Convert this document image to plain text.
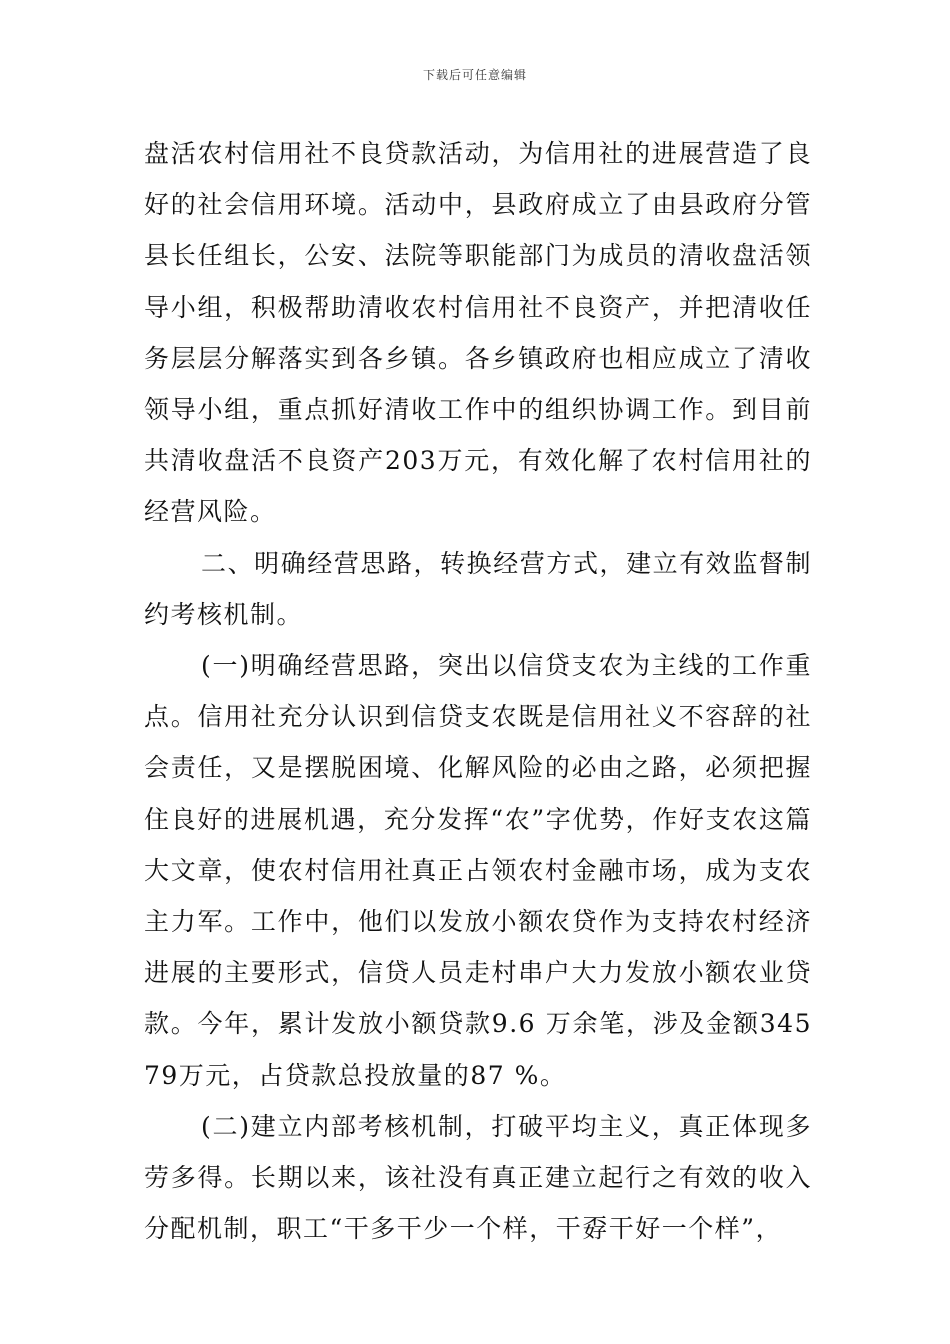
下载后可任意编辑

盘活农村信用社不良贷款活动，为信用社的进展营造了良好的社会信用环境。活动中，县政府成立了由县政府分管县长任组长，公安、法院等职能部门为成员的清收盘活领导小组，积极帮助清收农村信用社不良资产，并把清收任务层层分解落实到各乡镇。各乡镇政府也相应成立了清收领导小组，重点抓好清收工作中的组织协调工作。到目前共清收盘活不良资产203万元，有效化解了农村信用社的经营风险。

二、明确经营思路，转换经营方式，建立有效监督制约考核机制。

(一)明确经营思路，突出以信贷支农为主线的工作重点。信用社充分认识到信贷支农既是信用社义不容辞的社会责任，又是摆脱困境、化解风险的必由之路，必须把握住良好的进展机遇，充分发挥“农”字优势，作好支农这篇大文章，使农村信用社真正占领农村金融市场，成为支农主力军。工作中，他们以发放小额农贷作为支持农村经济进展的主要形式，信贷人员走村串户大力发放小额农业贷款。今年，累计发放小额贷款9.6 万余笔，涉及金额34579万元，占贷款总投放量的87 %。

(二)建立内部考核机制，打破平均主义，真正体现多劳多得。长期以来，该社没有真正建立起行之有效的收入分配机制，职工“干多干少一个样，干孬干好一个样”，
